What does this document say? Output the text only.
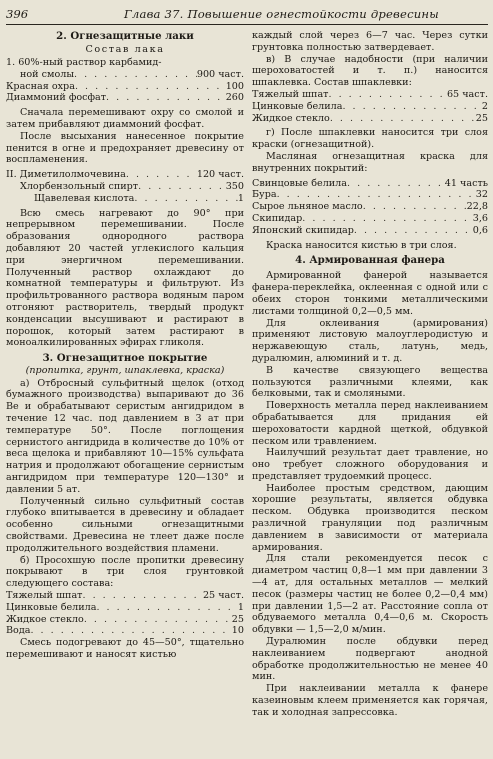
396	Глава 37. Повышение огнестойкости древесины

2. Огнезащитные лаки

Состав лака

1. 60%-ный раствор карбамид-

ной смолы . . .	900 част.
Красная охра . . .	100
Диаммоний фосфат . . .	260

Сначала перемешивают охру со смолой и затем прибавляют диаммоний фосфат.

После высыхания нанесенное покрытие пенится в огне и предохраняет древесину от воспламенения.

II. Диметилолмочевина . . .	120 част.
Хлорбензольный спирт . . .	350
Щавелевая кислота . . .	1

Всю смесь нагревают до 90° при непрерывном перемешивании. После образования однородного раствора добавляют 20 частей углекислого кальция при энергичном перемешивании. Полученный раствор охлаждают до комнатной температуры и фильтруют. Из профильтрованного раствора водяным паром отгоняют растворитель, твердый продукт конденсации высушивают и растирают в порошок, который затем растирают в моноалкилированных эфирах гликоля.

3. Огнезащитное покрытие

(пропитка, грунт, шпаклевка, краска)

а) Отбросный сульфитный щелок (отход бумажного производства) выпаривают до 36 Ве и обрабатывают серистым ангидридом в течение 12 час. под давлением в 3 ат при температуре 50°. После поглощения сернистого ангидрида в количестве до 10% от веса щелока и прибавляют 10—15% сульфата натрия и продолжают обогащение сернистым ангидридом при температуре 120—130° и давлении 5 ат.

Полученный сильно сульфитный состав глубоко впитывается в древесину и обладает особенно сильными огнезащитными свойствами. Древесина не тлеет даже после продолжительного воздействия пламени.

б) Просохшую после пропитки древесину покрывают в три слоя грунтовкой следующего состава:

Тяжелый шпат . . .	25 част.
Цинковые белила . . .	1
Жидкое стекло . . .	25
Вода . . .	10

Смесь подогревают до 45—50°, тщательно перемешивают и наносят кистью

каждый слой через 6—7 час. Через сутки грунтовка полностью затвердевает.

в) В случае надобности (при наличии шероховатостей и т. п.) наносится шпаклевка. Состав шпаклевки:

Тяжелый шпат . . .	65 част.
Цинковые белила . . .	2
Жидкое стекло . . .	25

г) После шпаклевки наносится три слоя краски (огнезащитной).

Масляная огнезащитная краска для внутренних покрытий:

Свинцовые белила . . .	41 часть
Бура . . .	32
Сырое льняное масло . . .	22,8
Скипидар . . .	3,6
Японский скипидар . . .	0,6

Краска наносится кистью в три слоя.

4. Армированная фанера

Армированной фанерой называется фанера-переклейка, оклеенная с одной или с обеих сторон тонкими металлическими листами толщиной 0,2—0,5 мм.

Для оклеивания (армирования) применяют листовую малоуглеродистую и нержавеющую сталь, латунь, медь, дуралюмин, алюминий и т. д.

В качестве связующего вещества пользуются различными клеями, как белковыми, так и смоляными.

Поверхность металла перед наклеиванием обрабатывается для придания ей шероховатости кардной щеткой, обдувкой песком или травлением.

Наилучший результат дает травление, но оно требует сложного оборудования и представляет трудоемкий процесс.

Наиболее простым средством, дающим хорошие результаты, является обдувка песком. Обдувка производится песком различной грануляции под различным давлением в зависимости от материала армирования.

Для стали рекомендуется песок с диаметром частиц 0,8—1 мм при давлении 3—4 ат, для остальных металлов — мелкий песок (размеры частиц не более 0,2—0,4 мм) при давлении 1,5—2 ат. Расстояние сопла от обдуваемого металла 0,4—0,6 м. Скорость обдувки — 1,5—2,0 м/мин.

Дуралюмин после обдувки перед наклеиванием подвергают анодной обработке продолжительностью не менее 40 мин.

При наклеивании металла к фанере казеиновым клеем применяется как горячая, так и холодная запрессовка.
